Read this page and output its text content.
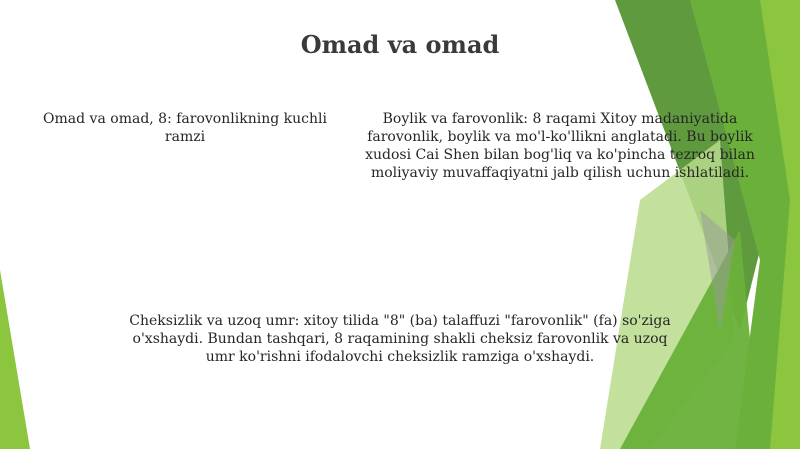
Omad va omad
Omad va omad, 8: farovonlikning kuchli ramzi
Boylik va farovonlik: 8 raqami Xitoy madaniyatida farovonlik, boylik va mo'l-ko'llikni anglatadi. Bu boylik xudosi Cai Shen bilan bog'liq va ko'pincha tezroq bilan moliyaviy muvaffaqiyatni jalb qilish uchun ishlatiladi.
Cheksizlik va uzoq umr: xitoy tilida "8" (ba) talaffuzi "farovonlik" (fa) so'ziga o'xshaydi. Bundan tashqari, 8 raqamining shakli cheksiz farovonlik va uzoq umr ko'rishni ifodalovchi cheksizlik ramziga o'xshaydi.
